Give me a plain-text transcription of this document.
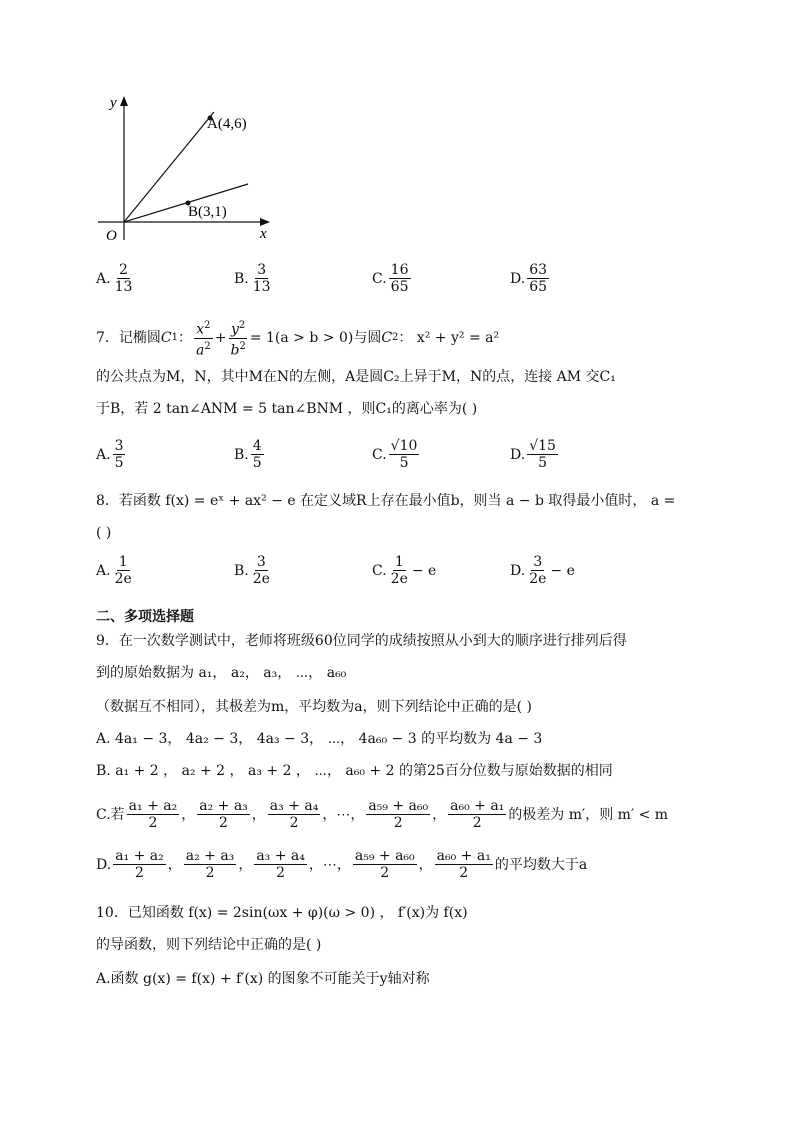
y
x
O
A(4,6)
B(3,1)
A. $\frac{2}{13}$	B. $\frac{3}{13}$	C. $\frac{16}{65}$	D. $\frac{63}{65}$
7．记椭圆 C 1 ： $\frac{x^2}{a^2} + \frac{y^2}{b^2} = 1(a > b > 0)$ 与圆 C 2 ： x² + y² = a²
的公共点为M，N，其中M在N的左侧，A是圆C₂上异于M，N的点，连接 AM 交C₁
于B，若 2 tan∠ANM = 5 tan∠BNM ，则C₁的离心率为( )
A. $\frac{3}{5}$	B. $\frac{4}{5}$	C. $\frac{√10}{5}$	D. $\frac{√15}{5}$
8．若函数 f(x) = eˣ + ax² − e 在定义域R上存在最小值b，则当 a − b 取得最小值时， a =
( )
A. $\frac{1}{2e}$	B. $\frac{3}{2e}$	C. $\frac{1}{2e} - e$	D. $\frac{3}{2e} - e$
二、多项选择题
9．在一次数学测试中，老师将班级60位同学的成绩按照从小到大的顺序进行排列后得
到的原始数据为 a₁， a₂， a₃， ⋯， a₆₀
（数据互不相同），其极差为m，平均数为a，则下列结论中正确的是( )
A. 4a₁ − 3， 4a₂ − 3， 4a₃ − 3， ⋯， 4a₆₀ − 3 的平均数为 4a − 3
B. a₁ + 2 ， a₂ + 2 ， a₃ + 2 ， ⋯， a₆₀ + 2 的第25百分位数与原始数据的相同
C.若 $\frac{\text{a₁ + a₂}}{2}$ ， $\frac{\text{a₂ + a₃}}{2}$ ， $\frac{\text{a₃ + a₄}}{2}$ ， ⋯， $\frac{\text{a₅₉ + a₆₀}}{2}$ ， $\frac{\text{a₆₀ + a₁}}{2}$ 的极差为 m′，则 m′ < m
D. $\frac{\text{a₁ + a₂}}{2}$ ， $\frac{\text{a₂ + a₃}}{2}$ ， $\frac{\text{a₃ + a₄}}{2}$ ， ⋯， $\frac{\text{a₅₉ + a₆₀}}{2}$ ， $\frac{\text{a₆₀ + a₁}}{2}$ 的平均数大于a
10．已知函数 f(x) = 2sin(ωx + φ)(ω > 0) ， f′(x)为 f(x)
的导函数，则下列结论中正确的是( )
A.函数 g(x) = f(x) + f′(x) 的图象不可能关于y轴对称
